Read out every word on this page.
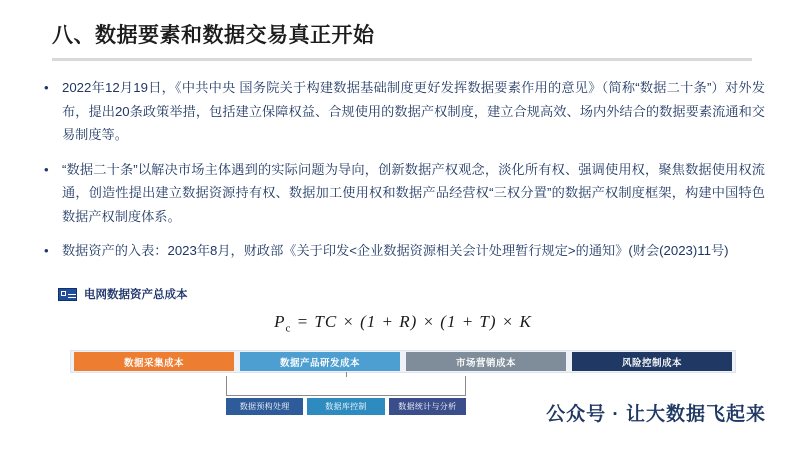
八、数据要素和数据交易真正开始
• 2022年12月19日，《中共中央 国务院关于构建数据基础制度更好发挥数据要素作用的意见》（简称“数据二十条”）对外发布，提出20条政策举措，包括建立保障权益、合规使用的数据产权制度，建立合规高效、场内外结合的数据要素流通和交易制度等。
• “数据二十条”以解决市场主体遇到的实际问题为导向，创新数据产权观念，淡化所有权、强调使用权，聚焦数据使用权流通，创造性提出建立数据资源持有权、数据加工使用权和数据产品经营权“三权分置”的数据产权制度框架，构建中国特色数据产权制度体系。
• 数据资产的入表：2023年8月，财政部《关于印发<企业数据资源相关会计处理暂行规定>的通知》(财会(2023)11号)
电网数据资产总成本
$P_c$ = TC × (1 + R) × (1 + T) × K
数据采集成本	数据产品研发成本	市场营销成本	风险控制成本
数据预构处理	数据库控制	数据统计与分析	公众号 · 让大数据飞起来
